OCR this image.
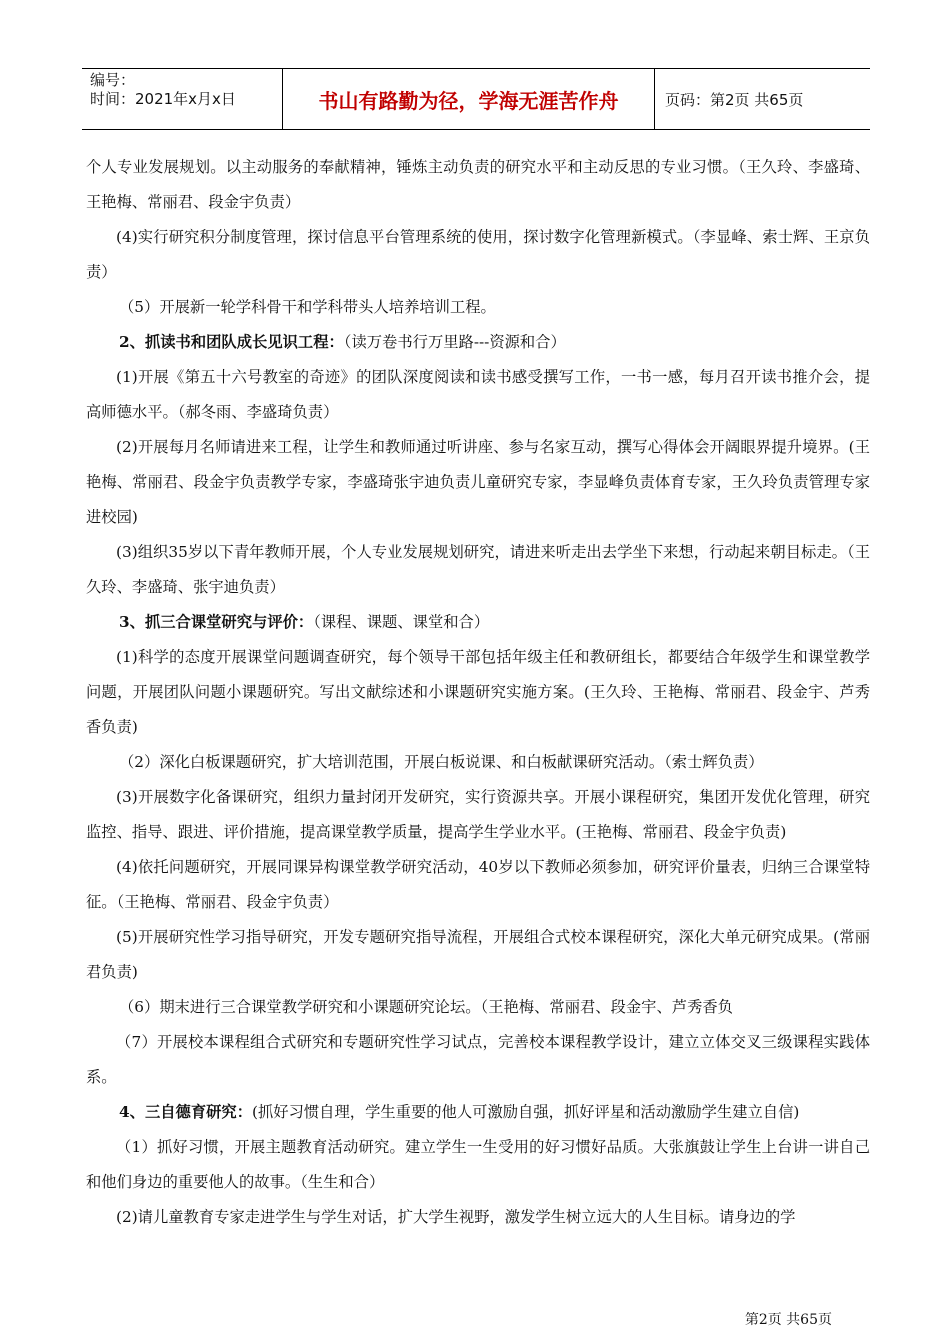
编号：
时间：2021年x月x日	书山有路勤为径，学海无涯苦作舟	页码：第2页 共65页

个人专业发展规划。以主动服务的奉献精神，锤炼主动负责的研究水平和主动反思的专业习惯。（王久玲、李盛琦、王艳梅、常丽君、段金宇负责）

(4)实行研究积分制度管理，探讨信息平台管理系统的使用，探讨数字化管理新模式。（李显峰、索士辉、王京负责）

（5）开展新一轮学科骨干和学科带头人培养培训工程。

2、抓读书和团队成长见识工程：（读万卷书行万里路---资源和合）

(1)开展《第五十六号教室的奇迹》的团队深度阅读和读书感受撰写工作，一书一感，每月召开读书推介会，提高师德水平。（郝冬雨、李盛琦负责）

(2)开展每月名师请进来工程，让学生和教师通过听讲座、参与名家互动，撰写心得体会开阔眼界提升境界。(王艳梅、常丽君、段金宇负责教学专家，李盛琦张宇迪负责儿童研究专家，李显峰负责体育专家，王久玲负责管理专家进校园)

(3)组织35岁以下青年教师开展，个人专业发展规划研究，请进来听走出去学坐下来想，行动起来朝目标走。（王久玲、李盛琦、张宇迪负责）

3、抓三合课堂研究与评价：（课程、课题、课堂和合）

(1)科学的态度开展课堂问题调查研究，每个领导干部包括年级主任和教研组长，都要结合年级学生和课堂教学问题，开展团队问题小课题研究。写出文献综述和小课题研究实施方案。(王久玲、王艳梅、常丽君、段金宇、芦秀香负责)

（2）深化白板课题研究，扩大培训范围，开展白板说课、和白板献课研究活动。（索士辉负责）

(3)开展数字化备课研究，组织力量封闭开发研究，实行资源共享。开展小课程研究，集团开发优化管理，研究监控、指导、跟进、评价措施，提高课堂教学质量，提高学生学业水平。(王艳梅、常丽君、段金宇负责)

(4)依托问题研究，开展同课异构课堂教学研究活动，40岁以下教师必须参加，研究评价量表，归纳三合课堂特征。（王艳梅、常丽君、段金宇负责）

(5)开展研究性学习指导研究，开发专题研究指导流程，开展组合式校本课程研究，深化大单元研究成果。(常丽君负责)

（6）期末进行三合课堂教学研究和小课题研究论坛。（王艳梅、常丽君、段金宇、芦秀香负

（7）开展校本课程组合式研究和专题研究性学习试点，完善校本课程教学设计，建立立体交叉三级课程实践体系。

4、三自德育研究：(抓好习惯自理，学生重要的他人可激励自强，抓好评星和活动激励学生建立自信)

（1）抓好习惯，开展主题教育活动研究。建立学生一生受用的好习惯好品质。大张旗鼓让学生上台讲一讲自己和他们身边的重要他人的故事。（生生和合）

(2)请儿童教育专家走进学生与学生对话，扩大学生视野，激发学生树立远大的人生目标。请身边的学

第2页 共65页
